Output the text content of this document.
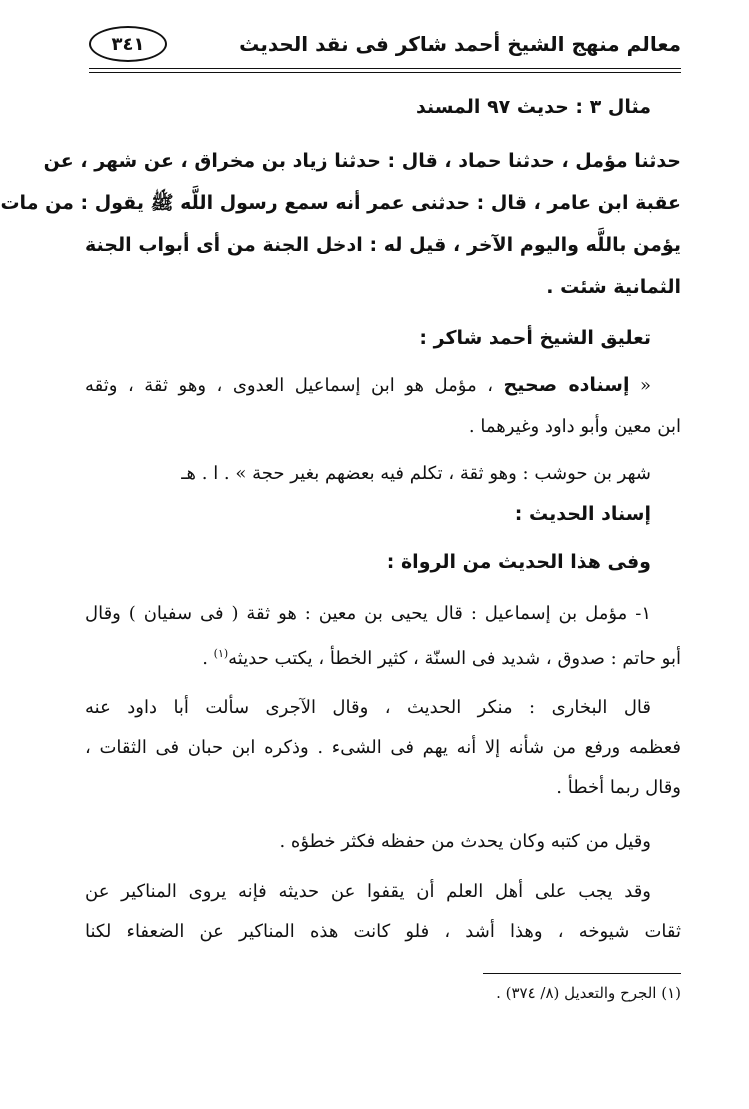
٣٤١	معالم منهج الشيخ أحمد شاكر فى نقد الحديث
مثال ٣ : حديث ٩٧ المسند
حدثنا مؤمل ، حدثنا حماد ، قال : حدثنا زياد بن مخراق ، عن شهر ، عن
عقبة ابن عامر ، قال : حدثنى عمر أنه سمع رسول اللَّه ﷺ يقول : من مات
يؤمن باللَّه واليوم الآخر ، قيل له : ادخل الجنة من أى أبواب الجنة
الثمانية شئت .
تعليق الشيخ أحمد شاكر :
« إسناده صحيح ، مؤمل هو ابن إسماعيل العدوى ، وهو ثقة ، وثقه
ابن معين وأبو داود وغيرهما .
شهر بن حوشب : وهو ثقة ، تكلم فيه بعضهم بغير حجة » . ا . هـ
إسناد الحديث :
وفى هذا الحديث من الرواة :
١- مؤمل بن إسماعيل : قال يحيى بن معين : هو ثقة ( فى سفيان ) وقال
أبو حاتم : صدوق ، شديد فى السنّة ، كثير الخطأ ، يكتب حديثه$^{(١)}$ .
قال البخارى : منكر الحديث ، وقال الآجرى سألت أبا داود عنه
فعظمه ورفع من شأنه إلا أنه يهم فى الشىء . وذكره ابن حبان فى الثقات ،
وقال ربما أخطأ .
وقيل من كتبه وكان يحدث من حفظه فكثر خطؤه .
وقد يجب على أهل العلم أن يقفوا عن حديثه فإنه يروى المناكير عن
ثقات شيوخه ، وهذا أشد ، فلو كانت هذه المناكير عن الضعفاء لكنا
(١) الجرح والتعديل (٨/ ٣٧٤) .
